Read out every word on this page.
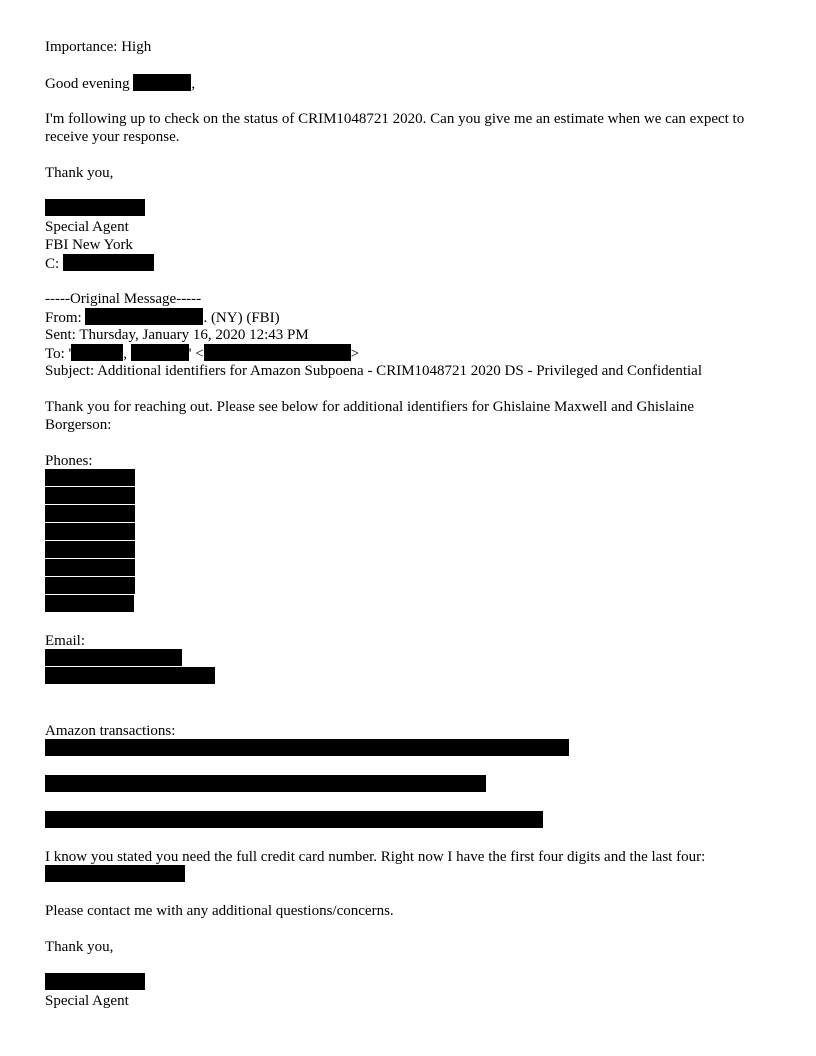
Importance: High
Good evening	,
I'm following up to check on the status of CRIM1048721 2020. Can you give me an estimate when we can expect to receive your response.
Thank you,
Special Agent
FBI New York
C:
-----Original Message-----
From:	. (NY) (FBI)
Sent: Thursday, January 16, 2020 12:43 PM
To: '	,	' <	>
Subject: Additional identifiers for Amazon Subpoena - CRIM1048721 2020 DS - Privileged and Confidential
Thank you for reaching out. Please see below for additional identifiers for Ghislaine Maxwell and Ghislaine Borgerson:
Phones:
Email:
Amazon transactions:
I know you stated you need the full credit card number. Right now I have the first four digits and the last four:
Please contact me with any additional questions/concerns.
Thank you,
Special Agent
